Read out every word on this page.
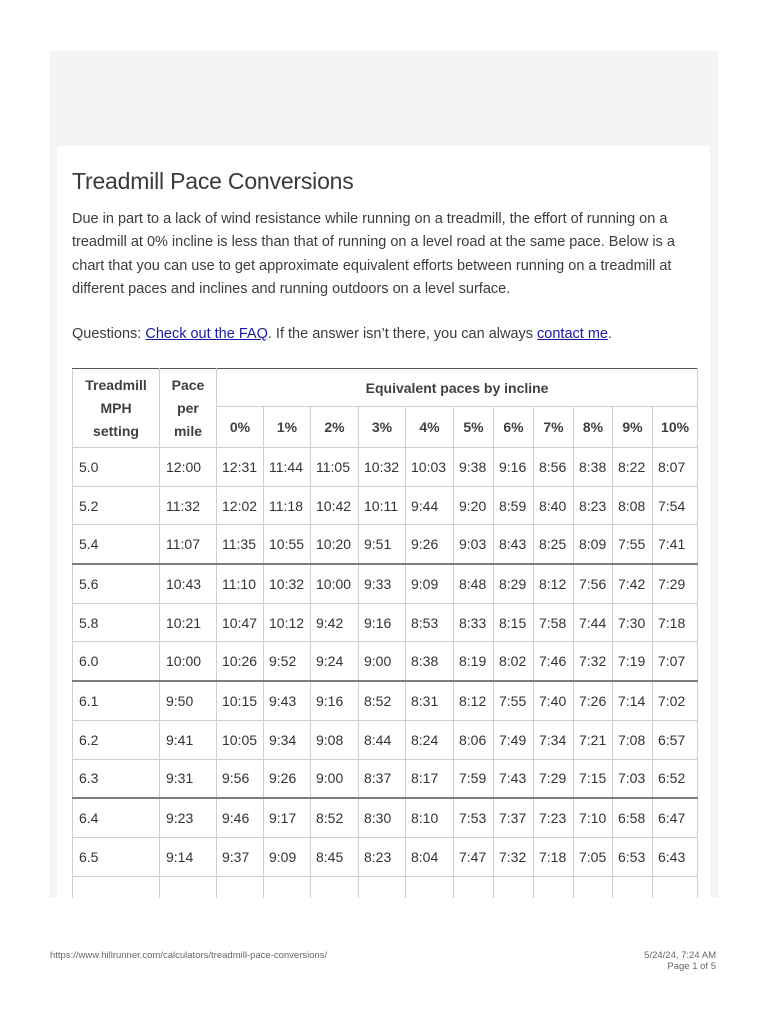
Treadmill Pace Conversions

Due in part to a lack of wind resistance while running on a treadmill, the effort of running on a treadmill at 0% incline is less than that of running on a level road at the same pace. Below is a chart that you can use to get approximate equivalent efforts between running on a treadmill at different paces and inclines and running outdoors on a level surface.

Questions: Check out the FAQ. If the answer isn’t there, you can always contact me.

Treadmill MPH setting	Pace per mile	Equivalent paces by incline										
		0%	1%	2%	3%	4%	5%	6%	7%	8%	9%	10%
5.0	12:00	12:31	11:44	11:05	10:32	10:03	9:38	9:16	8:56	8:38	8:22	8:07
5.2	11:32	12:02	11:18	10:42	10:11	9:44	9:20	8:59	8:40	8:23	8:08	7:54
5.4	11:07	11:35	10:55	10:20	9:51	9:26	9:03	8:43	8:25	8:09	7:55	7:41
5.6	10:43	11:10	10:32	10:00	9:33	9:09	8:48	8:29	8:12	7:56	7:42	7:29
5.8	10:21	10:47	10:12	9:42	9:16	8:53	8:33	8:15	7:58	7:44	7:30	7:18
6.0	10:00	10:26	9:52	9:24	9:00	8:38	8:19	8:02	7:46	7:32	7:19	7:07
6.1	9:50	10:15	9:43	9:16	8:52	8:31	8:12	7:55	7:40	7:26	7:14	7:02
6.2	9:41	10:05	9:34	9:08	8:44	8:24	8:06	7:49	7:34	7:21	7:08	6:57
6.3	9:31	9:56	9:26	9:00	8:37	8:17	7:59	7:43	7:29	7:15	7:03	6:52
6.4	9:23	9:46	9:17	8:52	8:30	8:10	7:53	7:37	7:23	7:10	6:58	6:47
6.5	9:14	9:37	9:09	8:45	8:23	8:04	7:47	7:32	7:18	7:05	6:53	6:43

https://www.hillrunner.com/calculators/treadmill-pace-conversions/	5/24/24, 7:24 AM
Page 1 of 5
